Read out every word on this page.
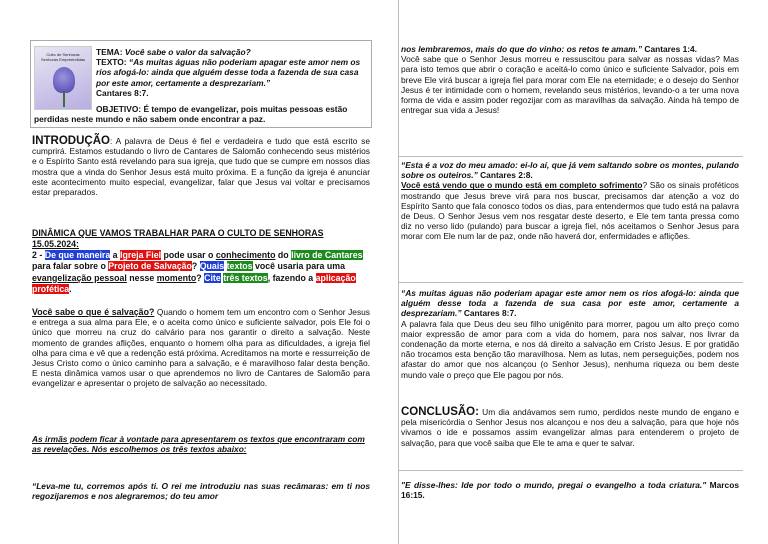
Culto de Senhoras Senhoras Empreendidas

TEMA: Você sabe o valor da salvação?

TEXTO: “As muitas águas não poderiam apagar este amor nem os rios afogá-lo: ainda que alguém desse toda a fazenda de sua casa por este amor, certamente a desprezariam.”

Cantares 8:7.

OBJETIVO: É tempo de evangelizar, pois muitas pessoas estão perdidas neste mundo e não sabem onde encontrar a paz.

INTRODUÇÃO: A palavra de Deus é fiel e verdadeira e tudo que está escrito se cumprirá. Estamos estudando o livro de Cantares de Salomão conhecendo seus mistérios e o Espírito Santo está revelando para sua igreja, que tudo que se cumpre em nossos dias mostra que a vinda do Senhor Jesus está muito próxima. E a função da igreja é anunciar este acontecimento muito especial, evangelizar, falar que Jesus vai voltar e precisamos estar preparados.

DINÂMICA QUE VAMOS TRABALHAR PARA O CULTO DE SENHORAS 15.05.2024:

2 - De que maneira a Igreja Fiel pode usar o conhecimento do livro de Cantares para falar sobre o Projeto de Salvação? Quais textos você usaria para uma evangelização pessoal nesse momento? Cite três textos, fazendo a aplicação profética.

Você sabe o que é salvação? Quando o homem tem um encontro com o Senhor Jesus e entrega a sua alma para Ele, e o aceita como único e suficiente salvador, pois Ele foi o único que morreu na cruz do calvário para nos garantir o direito a salvação. Neste momento de grandes aflições, enquanto o homem olha para as dificuldades, a igreja fiel olha para cima e vê que a redenção está próxima. Acreditamos na morte e ressurreição de Jesus Cristo como o único caminho para a salvação, e é maravilhoso falar desta benção. E nesta dinâmica vamos usar o que aprendemos no livro de Cantares de Salomão para evangelizar e apresentar o projeto de salvação ao necessitado.

As irmãs podem ficar à vontade para apresentarem os textos que encontraram com as revelações. Nós escolhemos os três textos abaixo:

“Leva-me tu, corremos após ti. O rei me introduziu nas suas recâmaras: em ti nos regozijaremos e nos alegraremos; do teu amor

nos lembraremos, mais do que do vinho: os retos te amam.” Cantares 1:4.

Você sabe que o Senhor Jesus morreu e ressuscitou para salvar as nossas vidas? Mas para isto temos que abrir o coração e aceitá-lo como único e suficiente Salvador, pois em breve Ele virá buscar a igreja fiel para morar com Ele na eternidade; e o desejo do Senhor Jesus é ter intimidade com o homem, revelando seus mistérios, levando-o a ter uma nova forma de vida e assim poder regozijar com as maravilhas da salvação. Ainda há tempo de entregar sua vida a Jesus!

“Esta é a voz do meu amado: ei-lo aí, que já vem saltando sobre os montes, pulando sobre os outeiros.” Cantares 2:8.

Você está vendo que o mundo está em completo sofrimento? São os sinais proféticos mostrando que Jesus breve virá para nos buscar, precisamos dar atenção a voz do Espírito Santo que fala conosco todos os dias, para entendermos que tudo está na palavra de Deus. O Senhor Jesus vem nos resgatar deste deserto, e Ele tem tanta pressa como diz no verso lido (pulando) para buscar a igreja fiel, nós aceitamos o Senhor Jesus para morar com Ele num lar de paz, onde não haverá dor, enfermidades e aflições.

“As muitas águas não poderiam apagar este amor nem os rios afogá-lo: ainda que alguém desse toda a fazenda de sua casa por este amor, certamente a desprezariam.” Cantares 8:7.

A palavra fala que Deus deu seu filho unigênito para morrer, pagou um alto preço como maior expressão de amor para com a vida do homem, para nos salvar, nos livrar da condenação da morte eterna, e nos dá direito a salvação em Cristo Jesus. E por gratidão não trocamos esta benção tão maravilhosa. Nem as lutas, nem perseguições, podem nos afastar do amor que nos alcançou (o Senhor Jesus), nenhuma riqueza ou bem deste mundo vale o preço que Ele pagou por nós.

CONCLUSÃO: Um dia andávamos sem rumo, perdidos neste mundo de engano e pela misericórdia o Senhor Jesus nos alcançou e nos deu a salvação, para que hoje nós vivamos o ide e possamos assim evangelizar almas para entenderem o projeto de salvação, para que você saiba que Ele te ama e quer te salvar.

"E disse-lhes: Ide por todo o mundo, pregai o evangelho a toda criatura." Marcos 16:15.
